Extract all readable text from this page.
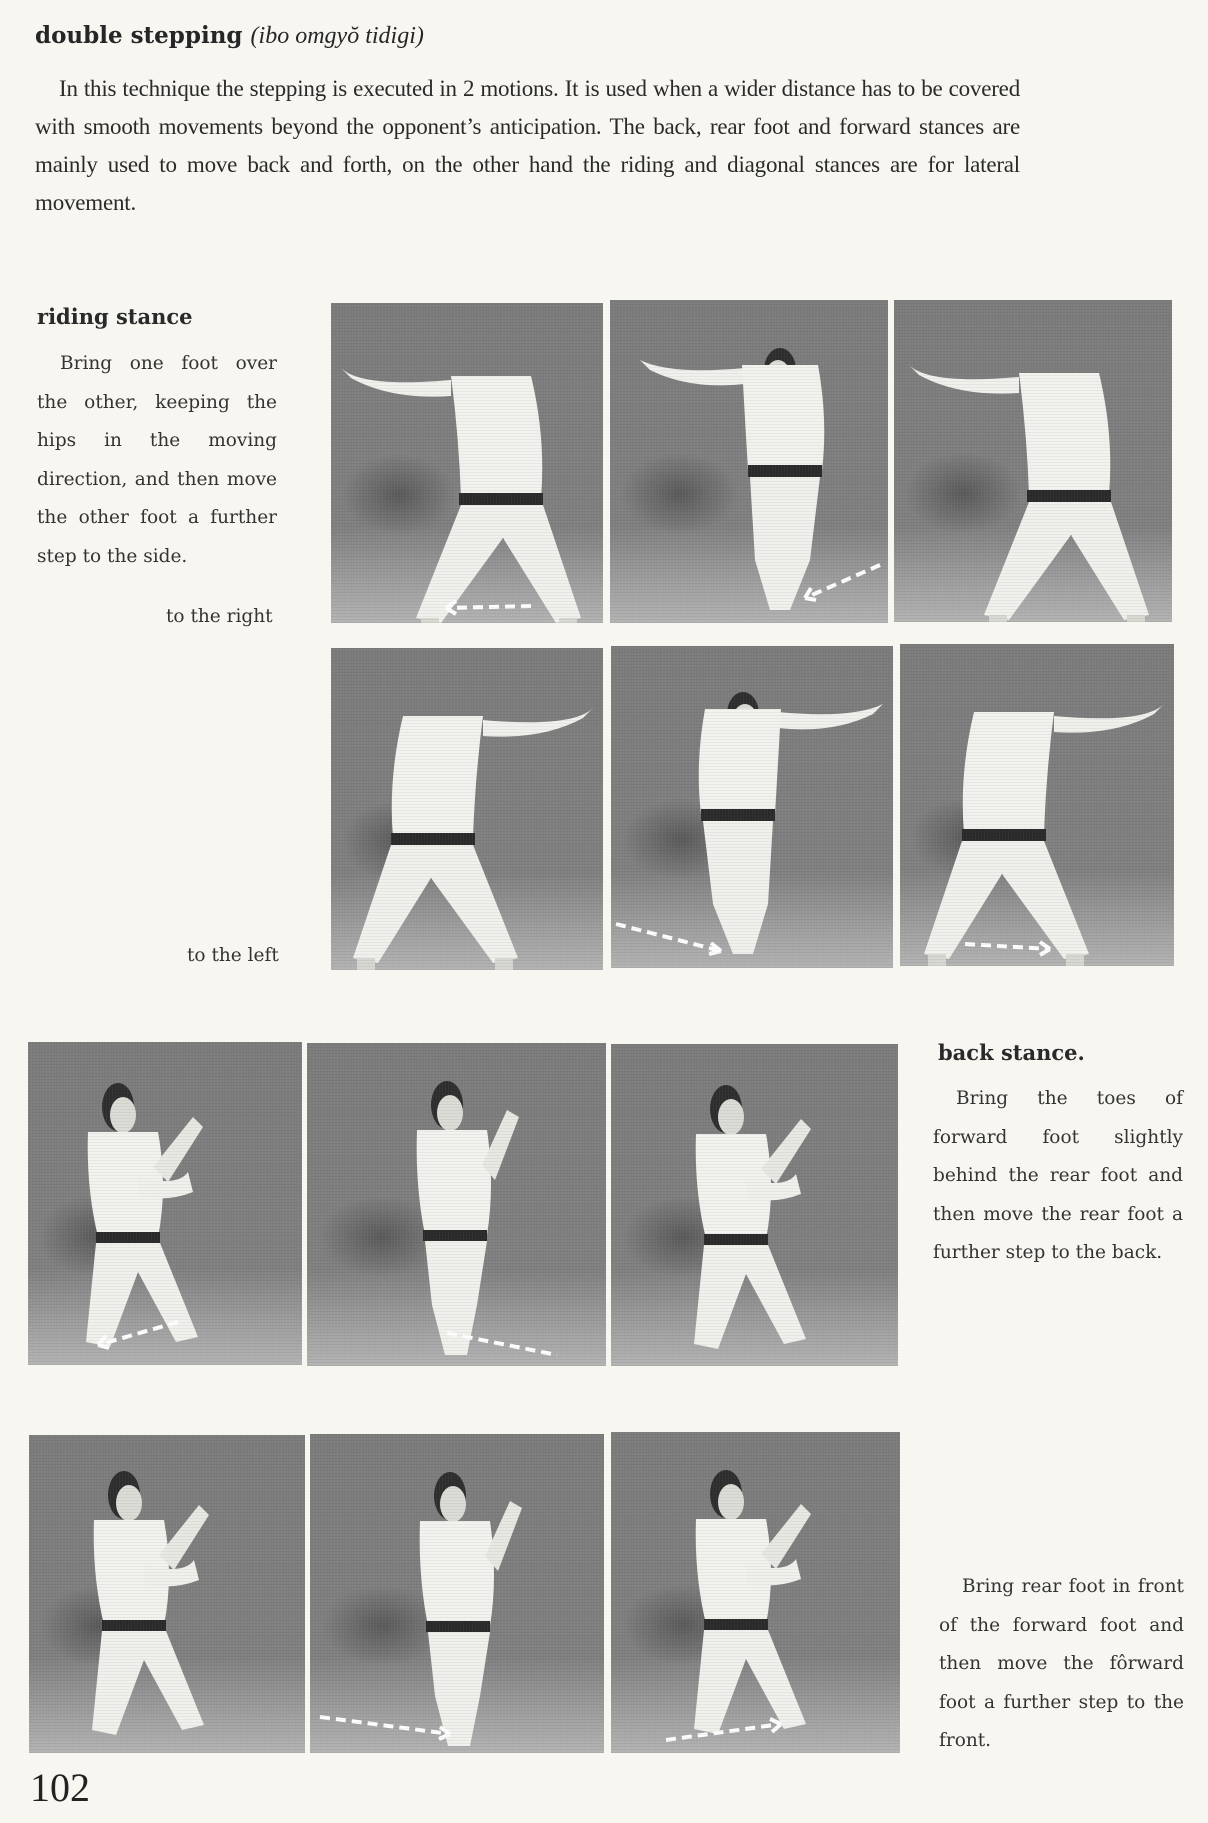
double stepping (ibo omgyŏ tidigi)

In this technique the stepping is executed in 2 motions. It is used when a wider distance has to be covered with smooth movements beyond the opponent’s anticipation. The back, rear foot and forward stances are mainly used to move back and forth, on the other hand the riding and diagonal stances are for lateral movement.

riding stance

Bring one foot over the other, keeping the hips in the moving direction, and then move the other foot a further step to the side.

to the right
to the left
back stance.

Bring the toes of forward foot slightly behind the rear foot and then move the rear foot a further step to the back.

Bring rear foot in front of the forward foot and then move the fôrward foot a further step to the front.

102
